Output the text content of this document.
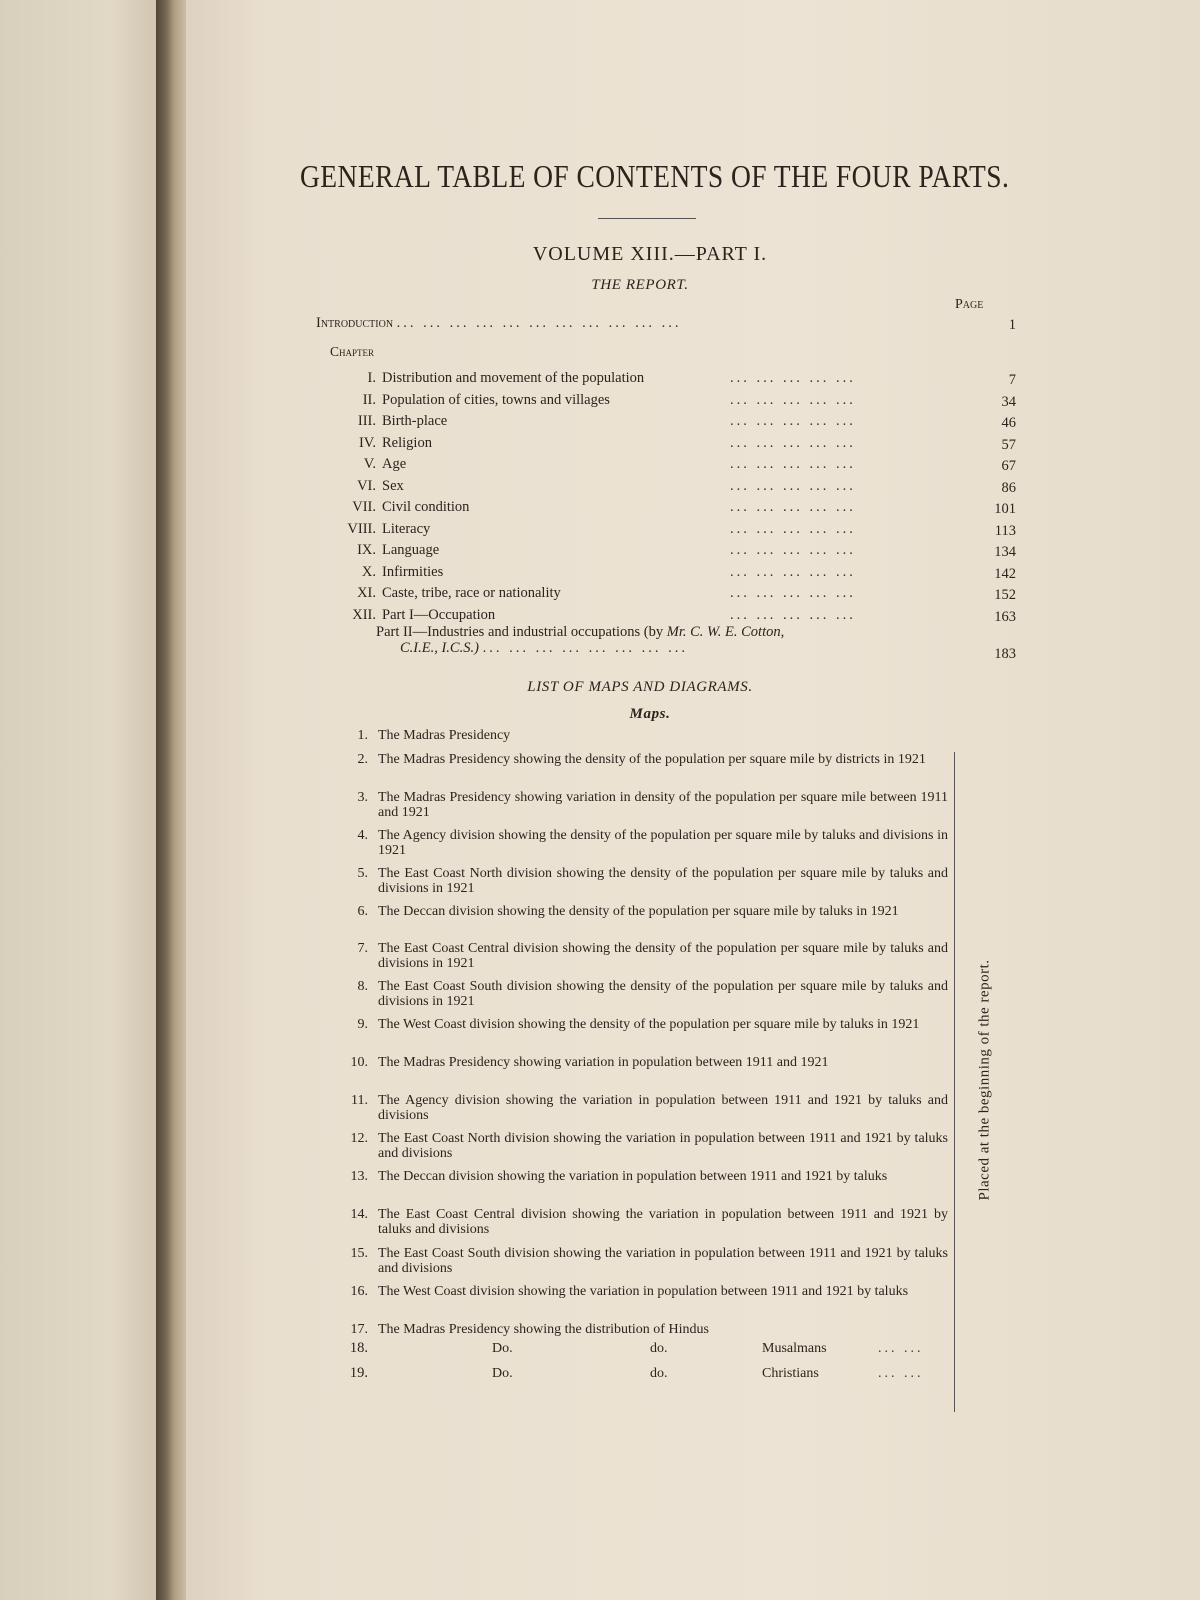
GENERAL TABLE OF CONTENTS OF THE FOUR PARTS.
VOLUME XIII.—PART I.
THE REPORT.
Page
Introduction ... ... ... ... ... ... ... ... ... ... ...	1
Chapter
I. Distribution and movement of the population	... ... ... ... ...	7
II. Population of cities, towns and villages	... ... ... ... ...	34
III. Birth-place	... ... ... ... ...	46
IV. Religion	... ... ... ... ...	57
V. Age	... ... ... ... ...	67
VI. Sex	... ... ... ... ...	86
VII. Civil condition	... ... ... ... ...	101
VIII. Literacy	... ... ... ... ...	113
IX. Language	... ... ... ... ...	134
X. Infirmities	... ... ... ... ...	142
XI. Caste, tribe, race or nationality	... ... ... ... ...	152
XII. Part I—Occupation	... ... ... ... ...	163
Part II—Industries and industrial occupations (by Mr. C. W. E. Cotton,
C.I.E., I.C.S.) ... ... ... ... ... ... ... ...	183
LIST OF MAPS AND DIAGRAMS.
Maps.
1. The Madras Presidency
2. The Madras Presidency showing the density of the population per square mile by districts in 1921
3. The Madras Presidency showing variation in density of the population per square mile between 1911 and 1921
4. The Agency division showing the density of the population per square mile by taluks and divisions in 1921
5. The East Coast North division showing the density of the population per square mile by taluks and divisions in 1921
6. The Deccan division showing the density of the population per square mile by taluks in 1921
7. The East Coast Central division showing the density of the population per square mile by taluks and divisions in 1921
8. The East Coast South division showing the density of the population per square mile by taluks and divisions in 1921
9. The West Coast division showing the density of the population per square mile by taluks in 1921
10. The Madras Presidency showing variation in population between 1911 and 1921
11. The Agency division showing the variation in population between 1911 and 1921 by taluks and divisions
12. The East Coast North division showing the variation in population between 1911 and 1921 by taluks and divisions
13. The Deccan division showing the variation in population between 1911 and 1921 by taluks
14. The East Coast Central division showing the variation in population between 1911 and 1921 by taluks and divisions
15. The East Coast South division showing the variation in population between 1911 and 1921 by taluks and divisions
16. The West Coast division showing the variation in population between 1911 and 1921 by taluks
17. The Madras Presidency showing the distribution of Hindus
18.	Do.	do.	Musalmans	... ...
19.	Do.	do.	Christians	... ...
Placed at the beginning of the report.
